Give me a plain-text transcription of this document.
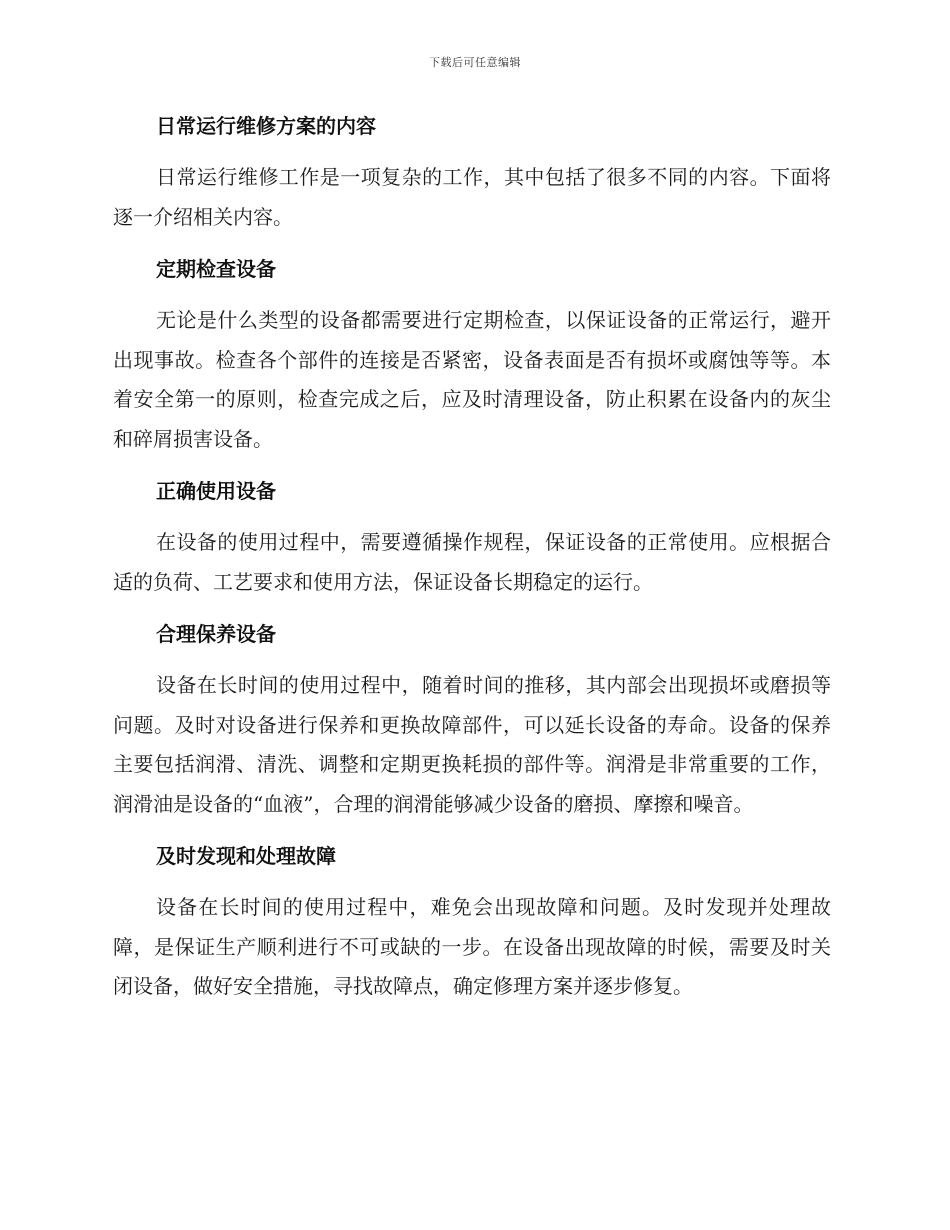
下载后可任意编辑
日常运行维修方案的内容
日常运行维修工作是一项复杂的工作，其中包括了很多不同的内容。下面将逐一介绍相关内容。
定期检查设备
无论是什么类型的设备都需要进行定期检查，以保证设备的正常运行，避开出现事故。检查各个部件的连接是否紧密，设备表面是否有损坏或腐蚀等等。本着安全第一的原则，检查完成之后，应及时清理设备，防止积累在设备内的灰尘和碎屑损害设备。
正确使用设备
在设备的使用过程中，需要遵循操作规程，保证设备的正常使用。应根据合适的负荷、工艺要求和使用方法，保证设备长期稳定的运行。
合理保养设备
设备在长时间的使用过程中，随着时间的推移，其内部会出现损坏或磨损等问题。及时对设备进行保养和更换故障部件，可以延长设备的寿命。设备的保养主要包括润滑、清洗、调整和定期更换耗损的部件等。润滑是非常重要的工作，润滑油是设备的“血液”，合理的润滑能够减少设备的磨损、摩擦和噪音。
及时发现和处理故障
设备在长时间的使用过程中，难免会出现故障和问题。及时发现并处理故障，是保证生产顺利进行不可或缺的一步。在设备出现故障的时候，需要及时关闭设备，做好安全措施，寻找故障点，确定修理方案并逐步修复。
